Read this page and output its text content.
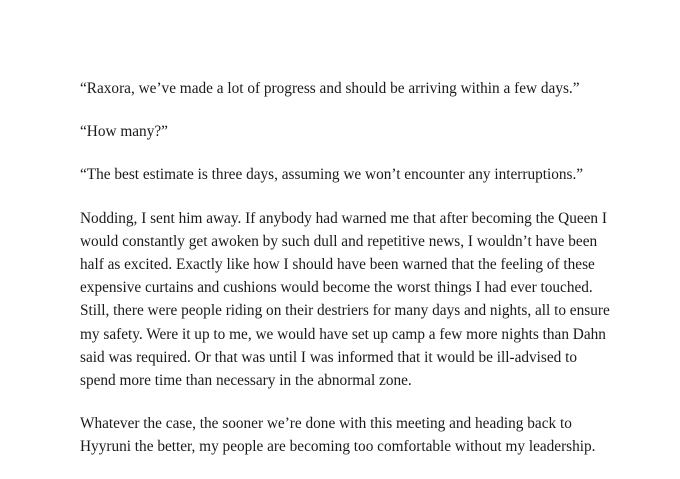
“Raxora, we’ve made a lot of progress and should be arriving within a few days.”

“How many?”

“The best estimate is three days, assuming we won’t encounter any interruptions.”

Nodding, I sent him away. If anybody had warned me that after becoming the Queen I would constantly get awoken by such dull and repetitive news, I wouldn’t have been half as excited. Exactly like how I should have been warned that the feeling of these expensive curtains and cushions would become the worst things I had ever touched. Still, there were people riding on their destriers for many days and nights, all to ensure my safety. Were it up to me, we would have set up camp a few more nights than Dahn said was required. Or that was until I was informed that it would be ill-advised to spend more time than necessary in the abnormal zone.

Whatever the case, the sooner we’re done with this meeting and heading back to Hyyruni the better, my people are becoming too comfortable without my leadership.
